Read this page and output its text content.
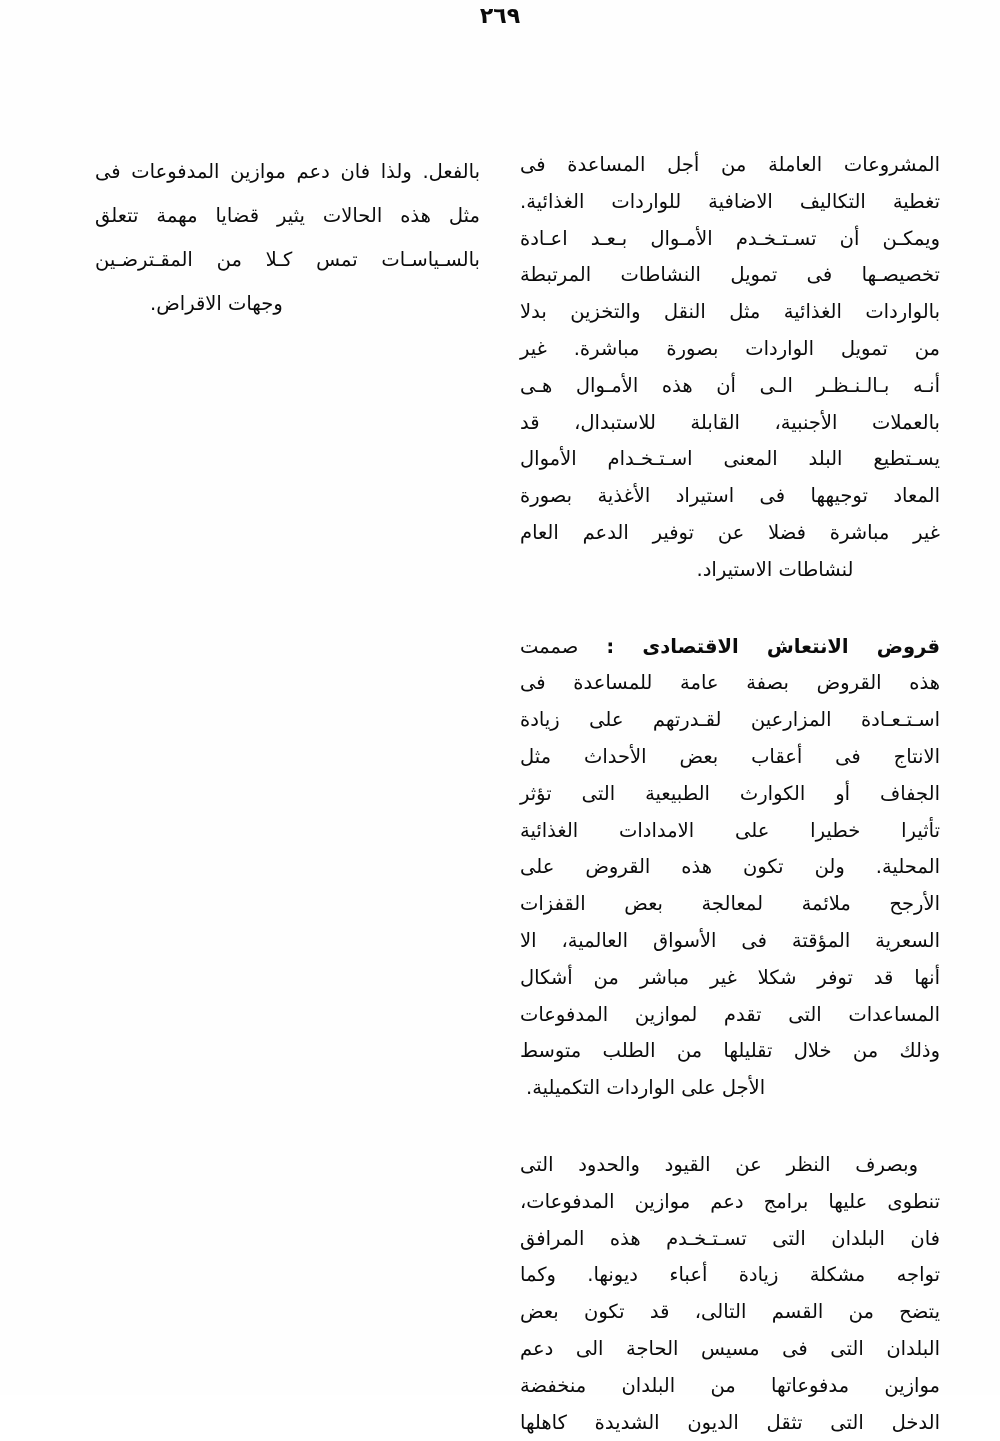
٢٦٩
المشروعات العاملة من أجل المساعدة فى
تغطية التكاليف الاضافية للواردات الغذائية.
ويمكـن أن تسـتـخـدم الأمـوال بـعـد اعـادة
تخصيصـها فى تمويل النشاطات المرتبطة
بالواردات الغذائية مثل النقل والتخزين بدلا
من تمويل الواردات بصورة مباشرة. غير
أنـه بـالـنـظـر الـى أن هذه الأمـوال هـى
بالعملات الأجنبية، القابلة للاستبدال، قد
يسـتطيع البلد المعنى اسـتـخـدام الأموال
المعاد توجيهها فى استيراد الأغذية بصورة
غير مباشرة فضلا عن توفير الدعم العام
لنشاطات الاستيراد.
قروض الانتعاش الاقتصادى : صممت
هذه القروض بصفة عامة للمساعدة فى
اسـتـعـادة المزارعين لقـدرتهم على زيادة
الانتاج فى أعقاب بعض الأحداث مثل
الجفاف أو الكوارث الطبيعية التى تؤثر
تأثيرا خطيرا على الامدادات الغذائية
المحلية. ولن تكون هذه القروض على
الأرجح ملائمة لمعالجة بعض القفزات
السعرية المؤقتة فى الأسواق العالمية، الا
أنها قد توفر شكلا غير مباشر من أشكال
المساعدات التى تقدم لموازين المدفوعات
وذلك من خلال تقليلها من الطلب متوسط
الأجل على الواردات التكميلية.
وبصرف النظر عن القيود والحدود التى
تنطوى عليها برامج دعم موازين المدفوعات،
فان البلدان التى تسـتـخـدم هذه المرافق
تواجه مشكلة زيادة أعباء ديونها. وكما
يتضح من القسم التالى، قد تكون بعض
البلدان التى فى مسيس الحاجة الى دعم
موازين مدفوعاتها من البلدان منخفضة
الدخل التى تثقل الديون الشديدة كاهلها
بالفعل. ولذا فان دعم موازين المدفوعات فى
مثل هذه الحالات يثير قضايا مهمة تتعلق
بالسـياسـات تمس كـلا من المقـترضـين
وجهات الاقراض.
